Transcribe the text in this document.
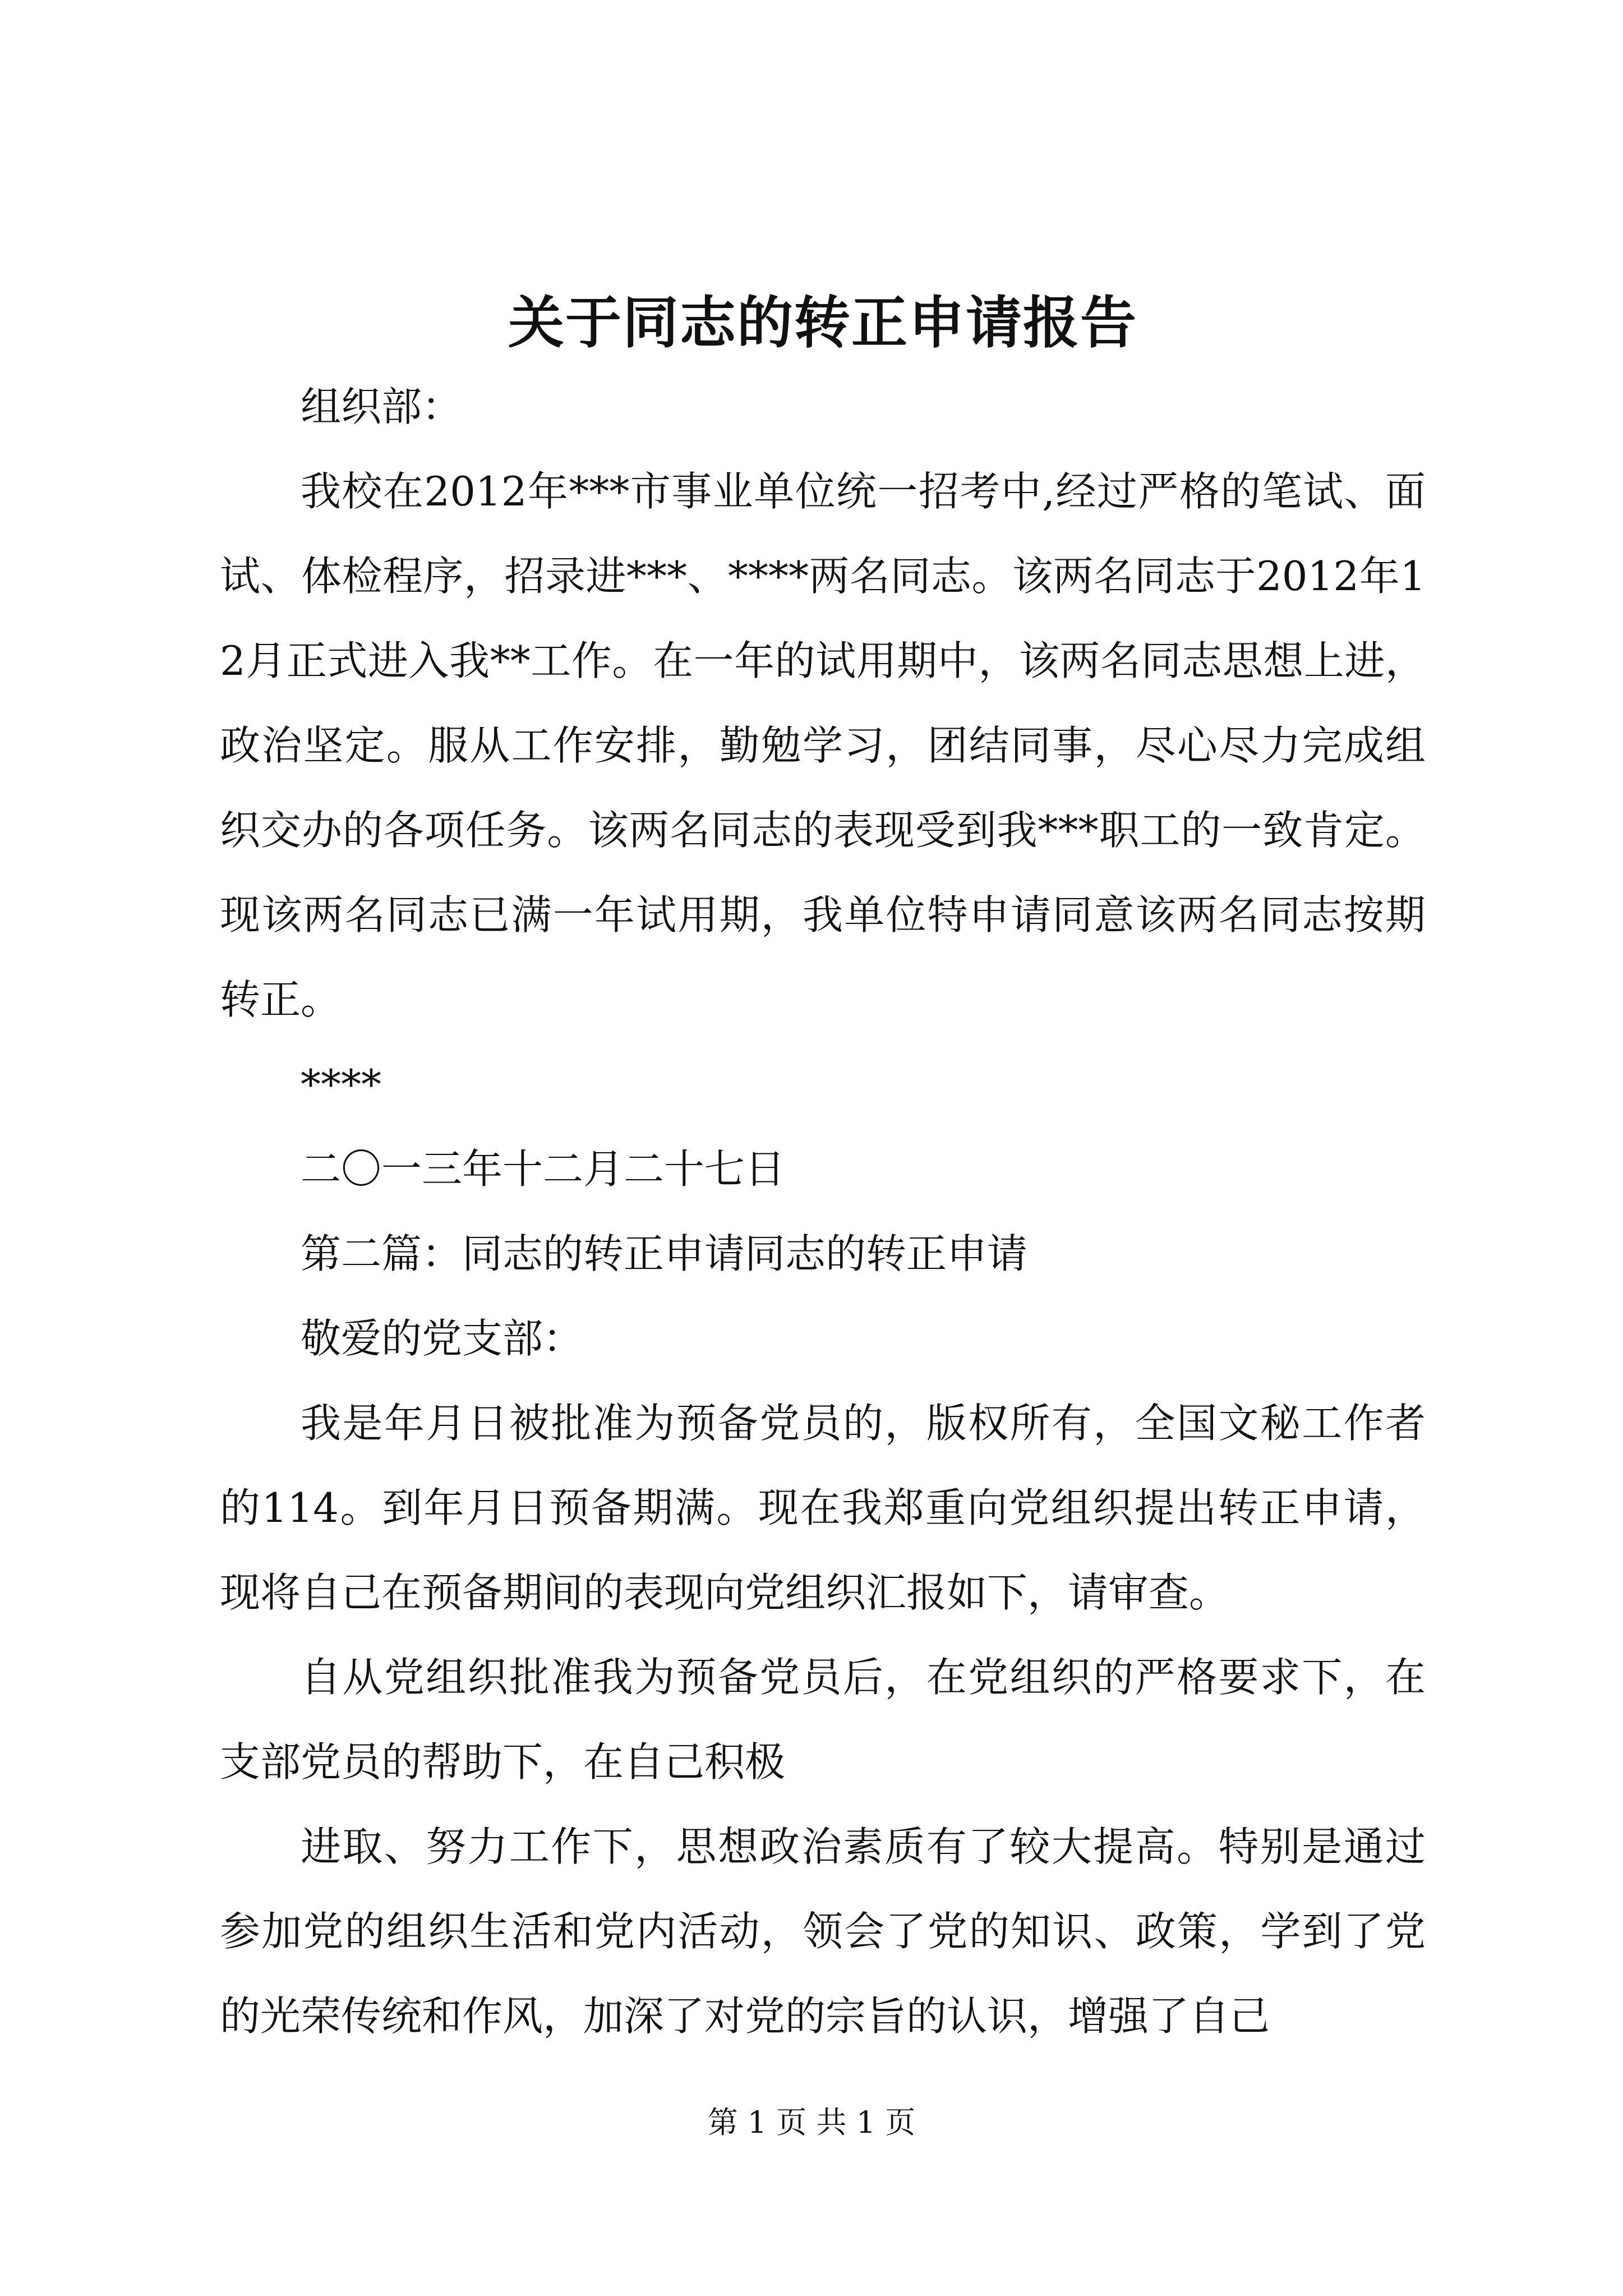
关于同志的转正申请报告

组织部：

我校在2012年***市事业单位统一招考中,经过严格的笔试、面试、体检程序，招录进***、****两名同志。该两名同志于2012年12月正式进入我**工作。在一年的试用期中，该两名同志思想上进，政治坚定。服从工作安排，勤勉学习，团结同事，尽心尽力完成组织交办的各项任务。该两名同志的表现受到我***职工的一致肯定。现该两名同志已满一年试用期，我单位特申请同意该两名同志按期转正。

****

二〇一三年十二月二十七日

第二篇：同志的转正申请同志的转正申请

敬爱的党支部：

我是年月日被批准为预备党员的，版权所有，全国文秘工作者的114。到年月日预备期满。现在我郑重向党组织提出转正申请，现将自己在预备期间的表现向党组织汇报如下，请审查。

自从党组织批准我为预备党员后，在党组织的严格要求下，在支部党员的帮助下，在自己积极

进取、努力工作下，思想政治素质有了较大提高。特别是通过参加党的组织生活和党内活动，领会了党的知识、政策，学到了党的光荣传统和作风，加深了对党的宗旨的认识，增强了自己

第 1 页 共 1 页
